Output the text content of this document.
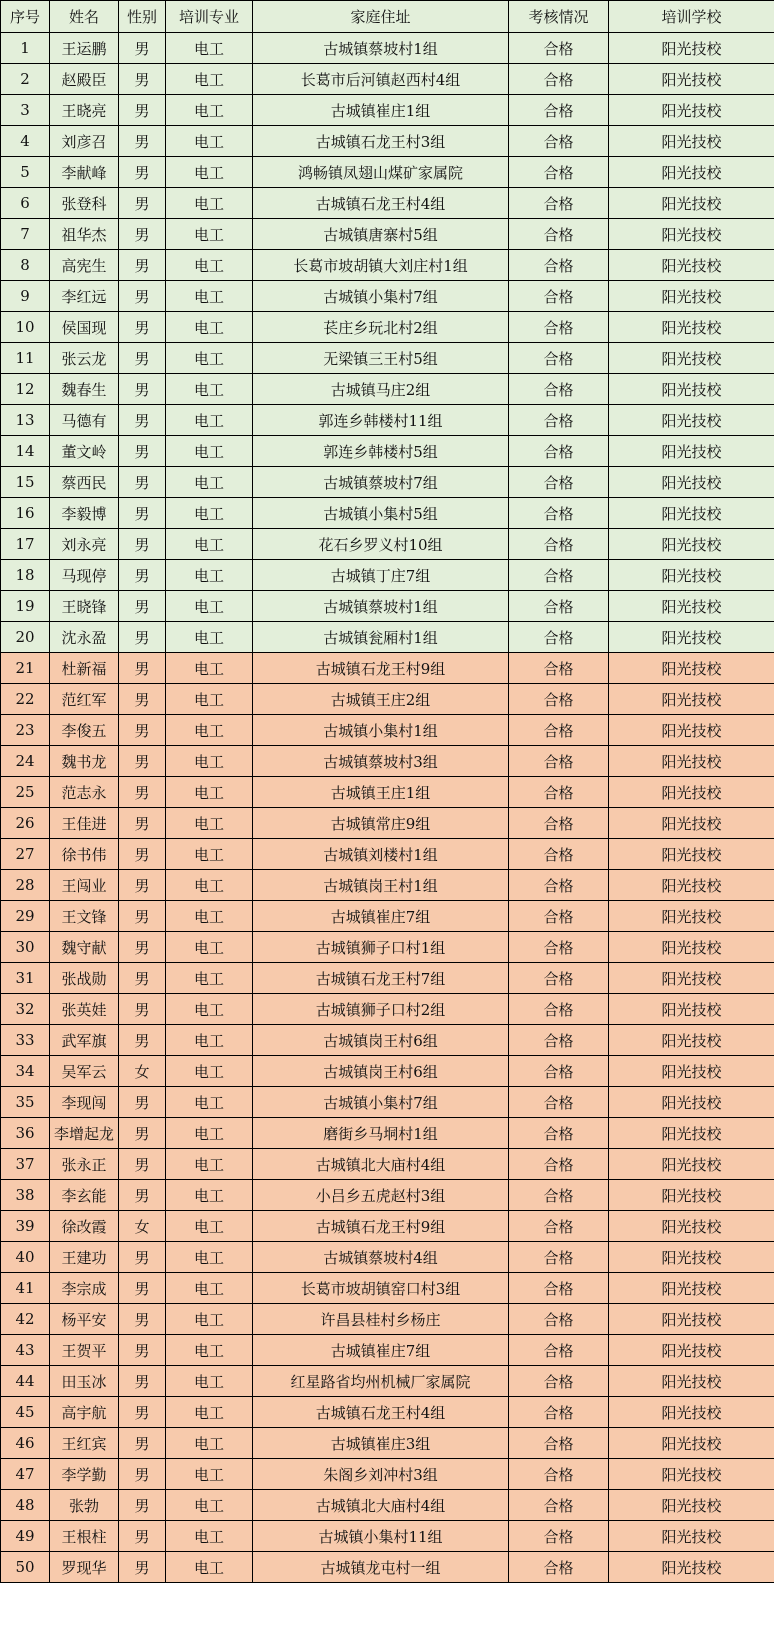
序号	姓名	性别	培训专业	家庭住址	考核情况	培训学校
1	王运鹏	男	电工	古城镇蔡坡村1组	合格	阳光技校
2	赵殿臣	男	电工	长葛市后河镇赵西村4组	合格	阳光技校
3	王晓亮	男	电工	古城镇崔庄1组	合格	阳光技校
4	刘彦召	男	电工	古城镇石龙王村3组	合格	阳光技校
5	李献峰	男	电工	鸿畅镇凤翅山煤矿家属院	合格	阳光技校
6	张登科	男	电工	古城镇石龙王村4组	合格	阳光技校
7	祖华杰	男	电工	古城镇唐寨村5组	合格	阳光技校
8	高宪生	男	电工	长葛市坡胡镇大刘庄村1组	合格	阳光技校
9	李红远	男	电工	古城镇小集村7组	合格	阳光技校
10	侯国现	男	电工	苌庄乡玩北村2组	合格	阳光技校
11	张云龙	男	电工	无梁镇三王村5组	合格	阳光技校
12	魏春生	男	电工	古城镇马庄2组	合格	阳光技校
13	马德有	男	电工	郭连乡韩楼村11组	合格	阳光技校
14	董文岭	男	电工	郭连乡韩楼村5组	合格	阳光技校
15	蔡西民	男	电工	古城镇蔡坡村7组	合格	阳光技校
16	李毅博	男	电工	古城镇小集村5组	合格	阳光技校
17	刘永亮	男	电工	花石乡罗义村10组	合格	阳光技校
18	马现停	男	电工	古城镇丁庄7组	合格	阳光技校
19	王晓锋	男	电工	古城镇蔡坡村1组	合格	阳光技校
20	沈永盈	男	电工	古城镇瓮厢村1组	合格	阳光技校
21	杜新福	男	电工	古城镇石龙王村9组	合格	阳光技校
22	范红军	男	电工	古城镇王庄2组	合格	阳光技校
23	李俊五	男	电工	古城镇小集村1组	合格	阳光技校
24	魏书龙	男	电工	古城镇蔡坡村3组	合格	阳光技校
25	范志永	男	电工	古城镇王庄1组	合格	阳光技校
26	王佳进	男	电工	古城镇常庄9组	合格	阳光技校
27	徐书伟	男	电工	古城镇刘楼村1组	合格	阳光技校
28	王闯业	男	电工	古城镇岗王村1组	合格	阳光技校
29	王文锋	男	电工	古城镇崔庄7组	合格	阳光技校
30	魏守献	男	电工	古城镇狮子口村1组	合格	阳光技校
31	张战勋	男	电工	古城镇石龙王村7组	合格	阳光技校
32	张英娃	男	电工	古城镇狮子口村2组	合格	阳光技校
33	武军旗	男	电工	古城镇岗王村6组	合格	阳光技校
34	吴军云	女	电工	古城镇岗王村6组	合格	阳光技校
35	李现闯	男	电工	古城镇小集村7组	合格	阳光技校
36	李增起龙	男	电工	磨街乡马垌村1组	合格	阳光技校
37	张永正	男	电工	古城镇北大庙村4组	合格	阳光技校
38	李玄能	男	电工	小吕乡五虎赵村3组	合格	阳光技校
39	徐改霞	女	电工	古城镇石龙王村9组	合格	阳光技校
40	王建功	男	电工	古城镇蔡坡村4组	合格	阳光技校
41	李宗成	男	电工	长葛市坡胡镇窑口村3组	合格	阳光技校
42	杨平安	男	电工	许昌县桂村乡杨庄	合格	阳光技校
43	王贺平	男	电工	古城镇崔庄7组	合格	阳光技校
44	田玉冰	男	电工	红星路省均州机械厂家属院	合格	阳光技校
45	高宇航	男	电工	古城镇石龙王村4组	合格	阳光技校
46	王红宾	男	电工	古城镇崔庄3组	合格	阳光技校
47	李学勤	男	电工	朱阁乡刘冲村3组	合格	阳光技校
48	张勃	男	电工	古城镇北大庙村4组	合格	阳光技校
49	王根柱	男	电工	古城镇小集村11组	合格	阳光技校
50	罗现华	男	电工	古城镇龙屯村一组	合格	阳光技校
